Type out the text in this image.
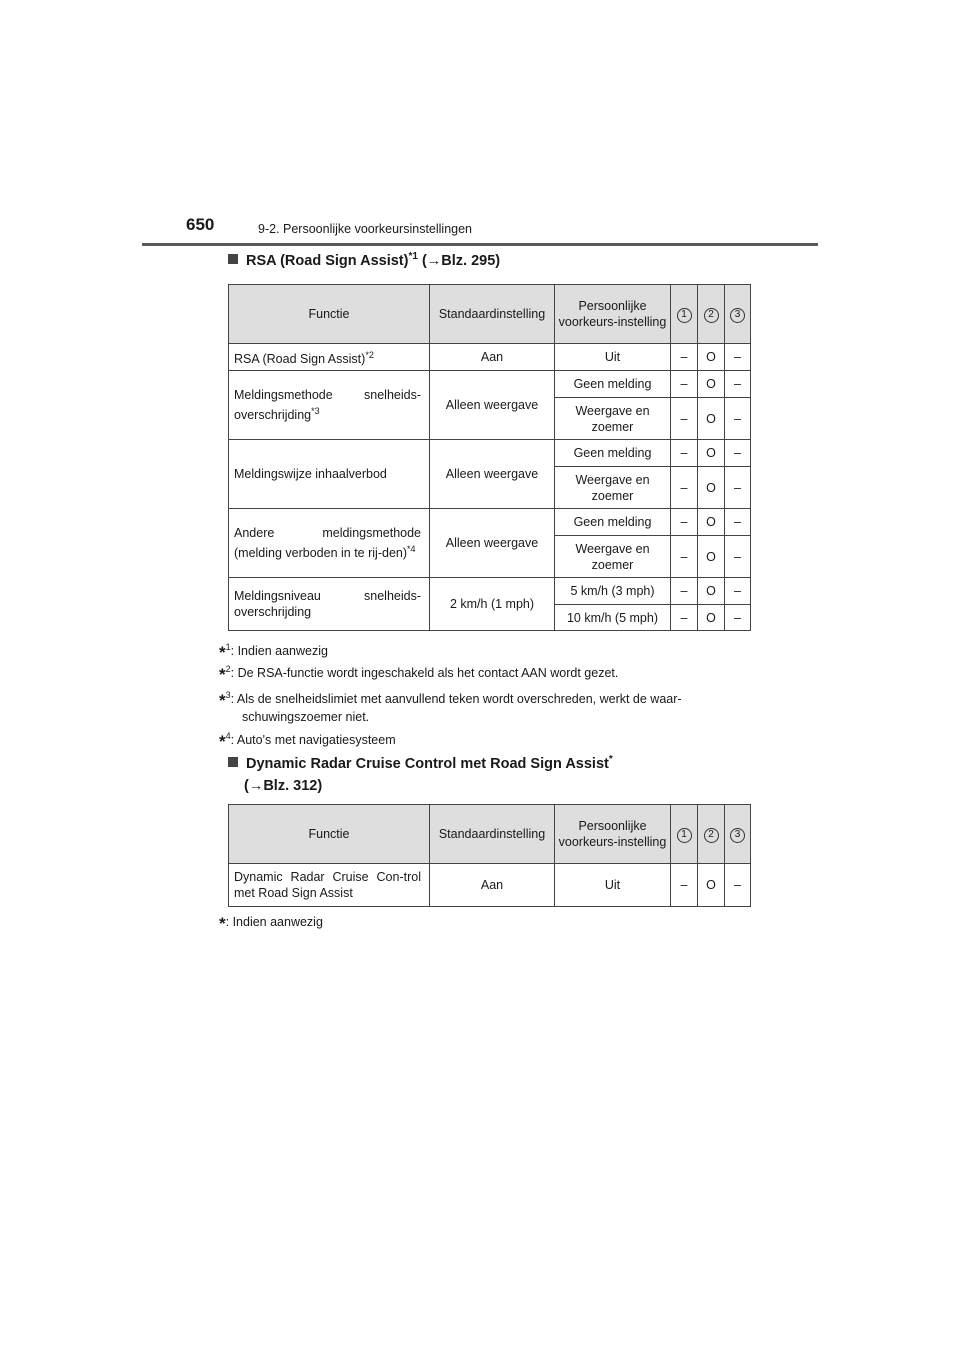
650	9-2. Persoonlijke voorkeursinstellingen
RSA (Road Sign Assist)$^{*1}$ (→Blz. 295)
Functie	Standaardinstelling	Persoonlijke voorkeurs-instelling	1	2	3
RSA (Road Sign Assist)$^{*2}$	Aan	Uit	–	O	–
Meldingsmethode snelheids-overschrijding$^{*3}$	Alleen weergave	Geen melding	–	O	–
		Weergave en zoemer	–	O	–
Meldingswijze inhaalverbod	Alleen weergave	Geen melding	–	O	–
		Weergave en zoemer	–	O	–
Andere meldingsmethode (melding verboden in te rij-den)$^{*4}$	Alleen weergave	Geen melding	–	O	–
		Weergave en zoemer	–	O	–
Meldingsniveau snelheids-overschrijding	2 km/h (1 mph)	5 km/h (3 mph)	–	O	–
		10 km/h (5 mph)	–	O	–
*$^1$: Indien aanwezig
*$^2$: De RSA-functie wordt ingeschakeld als het contact AAN wordt gezet.
*$^3$: Als de snelheidslimiet met aanvullend teken wordt overschreden, werkt de waar-
schuwingszoemer niet.
*$^4$: Auto's met navigatiesysteem
Dynamic Radar Cruise Control met Road Sign Assist*
(→Blz. 312)
Functie	Standaardinstelling	Persoonlijke voorkeurs-instelling	1	2	3
Dynamic Radar Cruise Con-trol met Road Sign Assist	Aan	Uit	–	O	–
*: Indien aanwezig
